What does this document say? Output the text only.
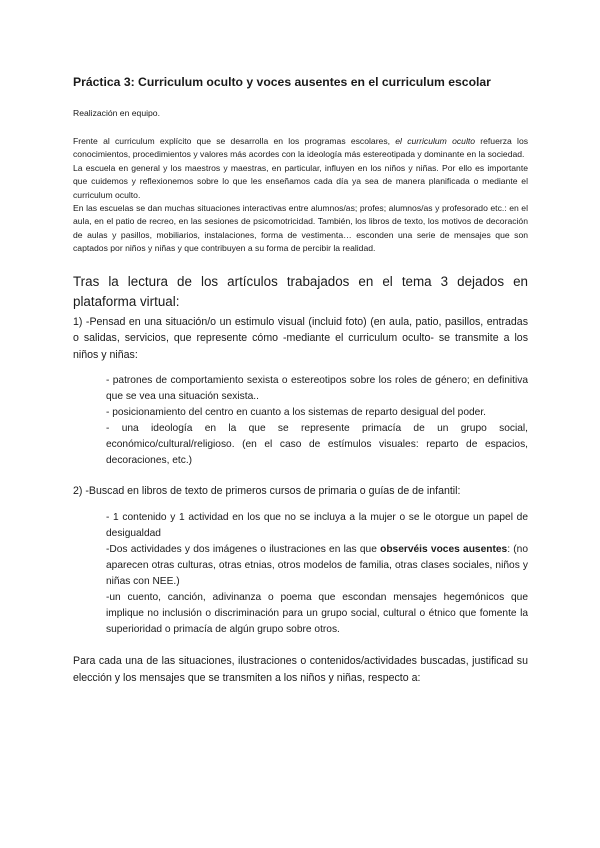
Práctica 3: Curriculum oculto y voces ausentes en el curriculum escolar

Realización en equipo.

Frente al curriculum explícito que se desarrolla en los programas escolares, el curriculum oculto refuerza los conocimientos, procedimientos y valores más acordes con la ideología más estereotipada y dominante en la sociedad.

La escuela en general y los maestros y maestras, en particular, influyen en los niños y niñas. Por ello es importante que cuidemos y reflexionemos sobre lo que les enseñamos cada día ya sea de manera planificada o mediante el curriculum oculto.

En las escuelas se dan muchas situaciones interactivas entre alumnos/as; profes; alumnos/as y profesorado etc.: en el aula, en el patio de recreo, en las sesiones de psicomotricidad. También, los libros de texto, los motivos de decoración de aulas y pasillos, mobiliarios, instalaciones, forma de vestimenta… esconden una serie de mensajes que son captados por niños y niñas y que contribuyen a su forma de percibir la realidad.

Tras la lectura de los artículos trabajados en el tema 3 dejados en plataforma virtual:

1) -Pensad en una situación/o un estimulo visual (incluid foto) (en aula, patio, pasillos, entradas o salidas, servicios, que represente cómo -mediante el curriculum oculto- se transmite a los niños y niñas:

- patrones de comportamiento sexista o estereotipos sobre los roles de género; en definitiva que se vea una situación sexista..

- posicionamiento del centro en cuanto a los sistemas de reparto desigual del poder.

- una ideología en la que se represente primacía de un grupo social, económico/cultural/religioso. (en el caso de estímulos visuales: reparto de espacios, decoraciones, etc.)

2) -Buscad en libros de texto de primeros cursos de primaria o guías de de infantil:

- 1 contenido y 1 actividad en los que no se incluya a la mujer o se le otorgue un papel de desigualdad

-Dos actividades y dos imágenes o ilustraciones en las que observéis voces ausentes: (no aparecen otras culturas, otras etnias, otros modelos de familia, otras clases sociales, niños y niñas con NEE.)

-un cuento, canción, adivinanza o poema que escondan mensajes hegemónicos que implique no inclusión o discriminación para un grupo social, cultural o étnico que fomente la superioridad o primacía de algún grupo sobre otros.

Para cada una de las situaciones, ilustraciones o contenidos/actividades buscadas, justificad su elección y los mensajes que se transmiten a los niños y niñas, respecto a:
